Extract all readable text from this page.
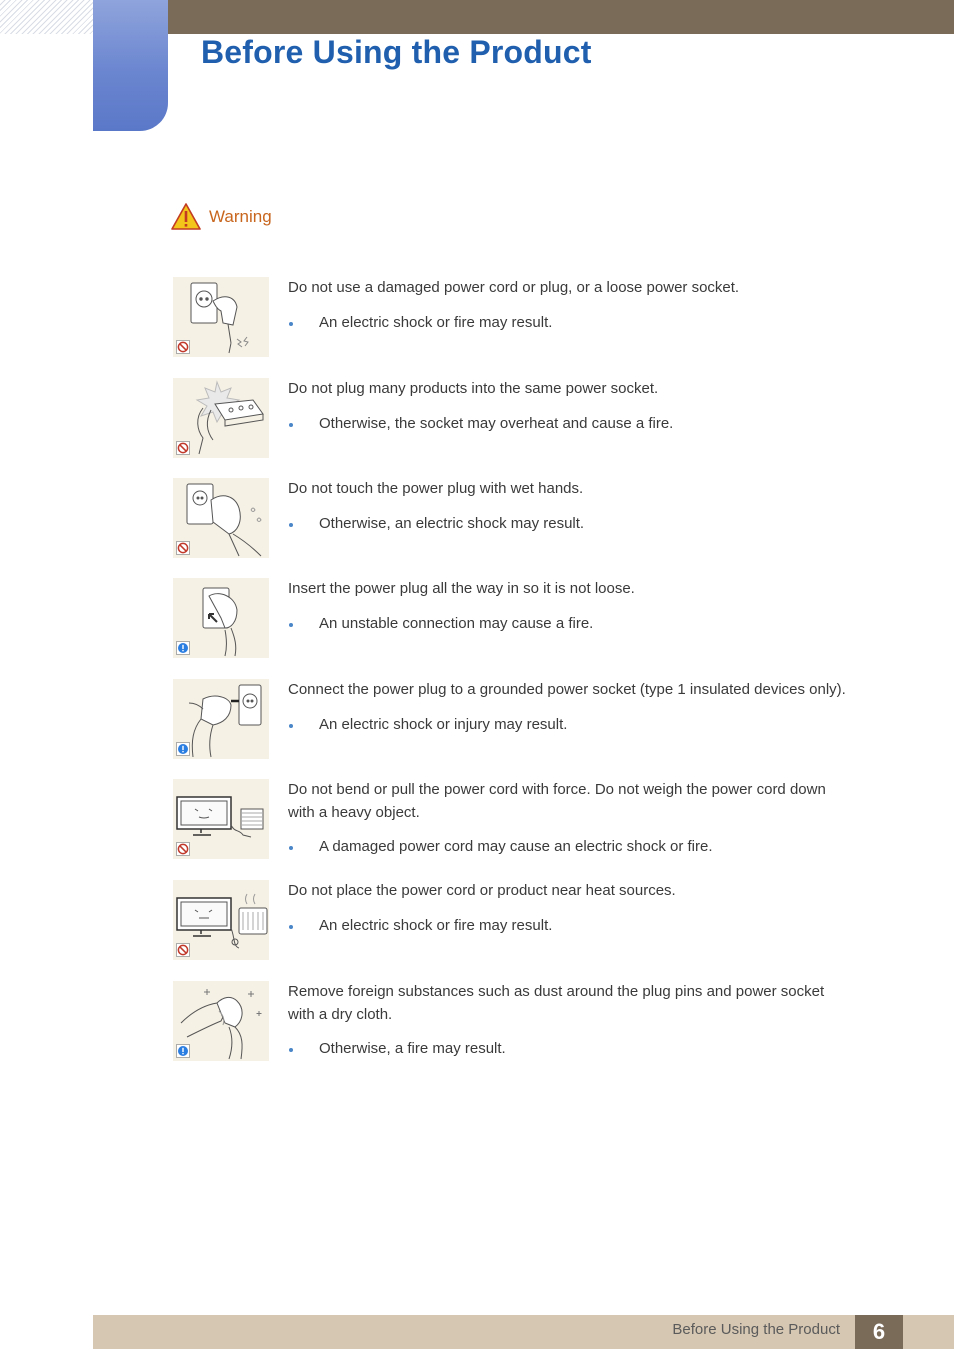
Before Using the Product
Warning

Do not use a damaged power cord or plug, or a loose power socket.

An electric shock or fire may result.

Do not plug many products into the same power socket.

Otherwise, the socket may overheat and cause a fire.

Do not touch the power plug with wet hands.

Otherwise, an electric shock may result.

Insert the power plug all the way in so it is not loose.

An unstable connection may cause a fire.

Connect the power plug to a grounded power socket (type 1 insulated devices only).

An electric shock or injury may result.

Do not bend or pull the power cord with force. Do not weigh the power cord down with a heavy object.

A damaged power cord may cause an electric shock or fire.

Do not place the power cord or product near heat sources.

An electric shock or fire may result.

Remove foreign substances such as dust around the plug pins and power socket with a dry cloth.

Otherwise, a fire may result.

Before Using the Product	6
